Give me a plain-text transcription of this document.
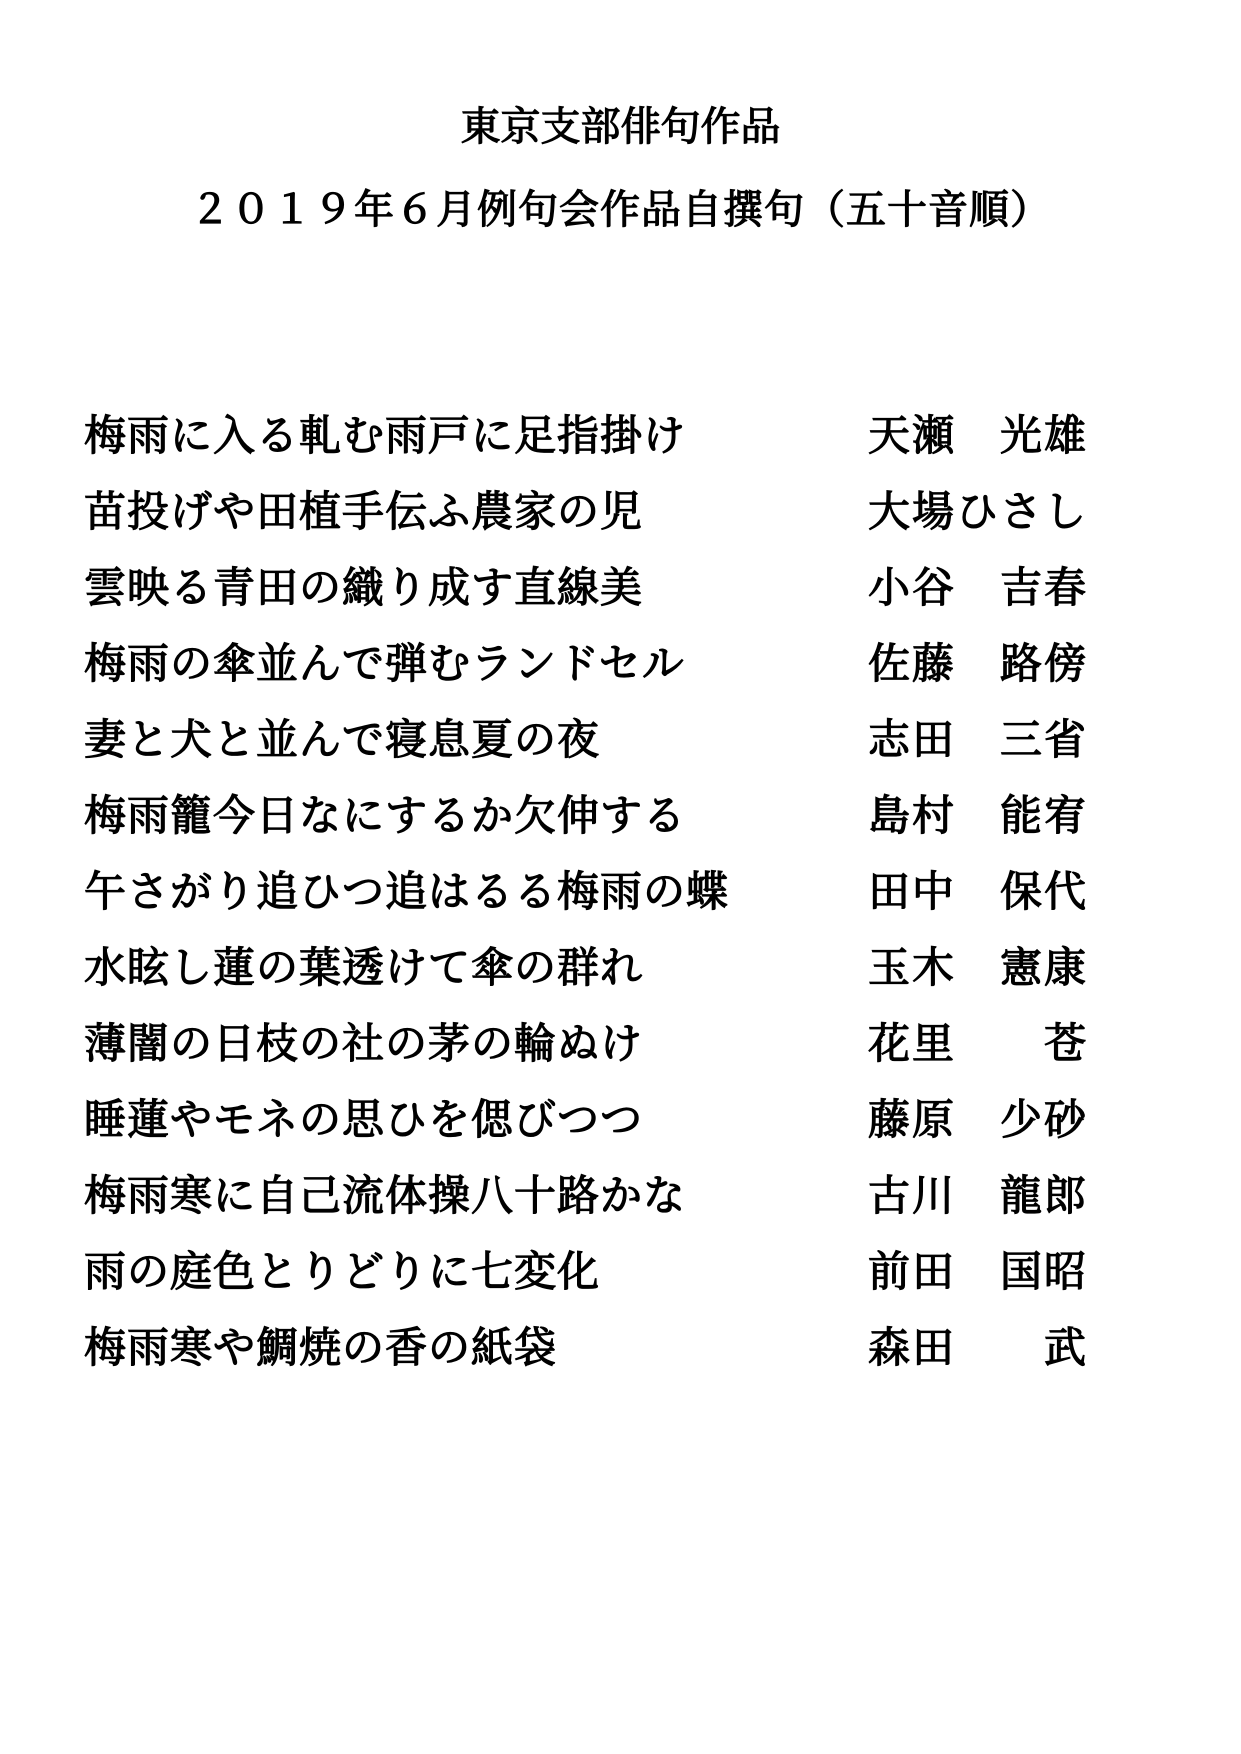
東京支部俳句作品
２０１９年６月例句会作品自撰句（五十音順）
梅雨に入る軋む雨戸に足指掛け	天瀬　光雄
苗投げや田植手伝ふ農家の児	大場ひさし
雲映る青田の織り成す直線美	小谷　吉春
梅雨の傘並んで弾むランドセル	佐藤　路傍
妻と犬と並んで寝息夏の夜	志田　三省
梅雨籠今日なにするか欠伸する	島村　能宥
午さがり追ひつ追はるる梅雨の蝶	田中　保代
水眩し蓮の葉透けて傘の群れ	玉木　憲康
薄闇の日枝の社の茅の輪ぬけ	花里　　苍
睡蓮やモネの思ひを偲びつつ	藤原　少砂
梅雨寒に自己流体操八十路かな	古川　龍郎
雨の庭色とりどりに七変化	前田　国昭
梅雨寒や鯛焼の香の紙袋	森田　　武
